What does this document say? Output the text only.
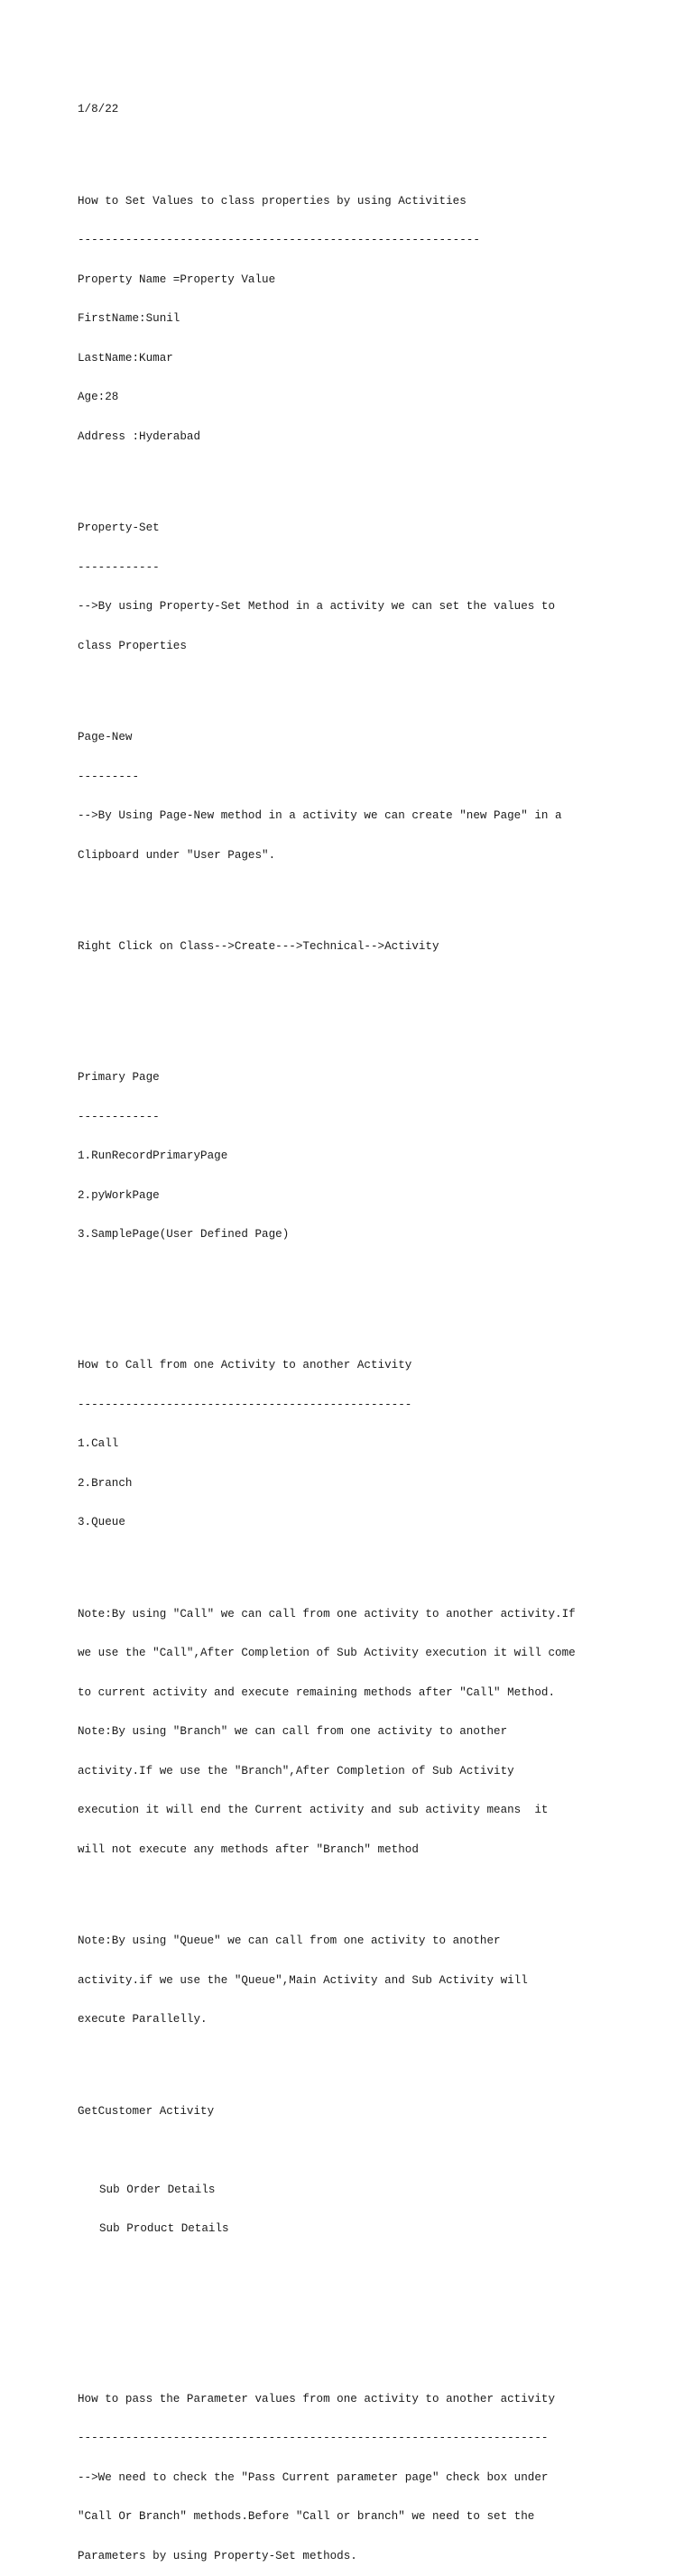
1/8/22

How to Set Values to class properties by using Activities

-----------------------------------------------------------

Property Name =Property Value

FirstName:Sunil

LastName:Kumar

Age:28

Address :Hyderabad

Property-Set

------------

-->By using Property-Set Method in a activity we can set the values to

class Properties

Page-New

---------

-->By Using Page-New method in a activity we can create "new Page" in a

Clipboard under "User Pages".

Right Click on Class-->Create--->Technical-->Activity

Primary Page

------------

1.RunRecordPrimaryPage

2.pyWorkPage

3.SamplePage(User Defined Page)

How to Call from one Activity to another Activity

-------------------------------------------------

1.Call

2.Branch

3.Queue

Note:By using "Call" we can call from one activity to another activity.If

we use the "Call",After Completion of Sub Activity execution it will come

to current activity and execute remaining methods after "Call" Method.

Note:By using "Branch" we can call from one activity to another

activity.If we use the "Branch",After Completion of Sub Activity

execution it will end the Current activity and sub activity means  it

will not execute any methods after "Branch" method

Note:By using "Queue" we can call from one activity to another

activity.if we use the "Queue",Main Activity and Sub Activity will

execute Parallelly.

GetCustomer Activity

Sub Order Details

Sub Product Details

How to pass the Parameter values from one activity to another activity

---------------------------------------------------------------------

-->We need to check the "Pass Current parameter page" check box under

"Call Or Branch" methods.Before "Call or branch" we need to set the

Parameters by using Property-Set methods.
